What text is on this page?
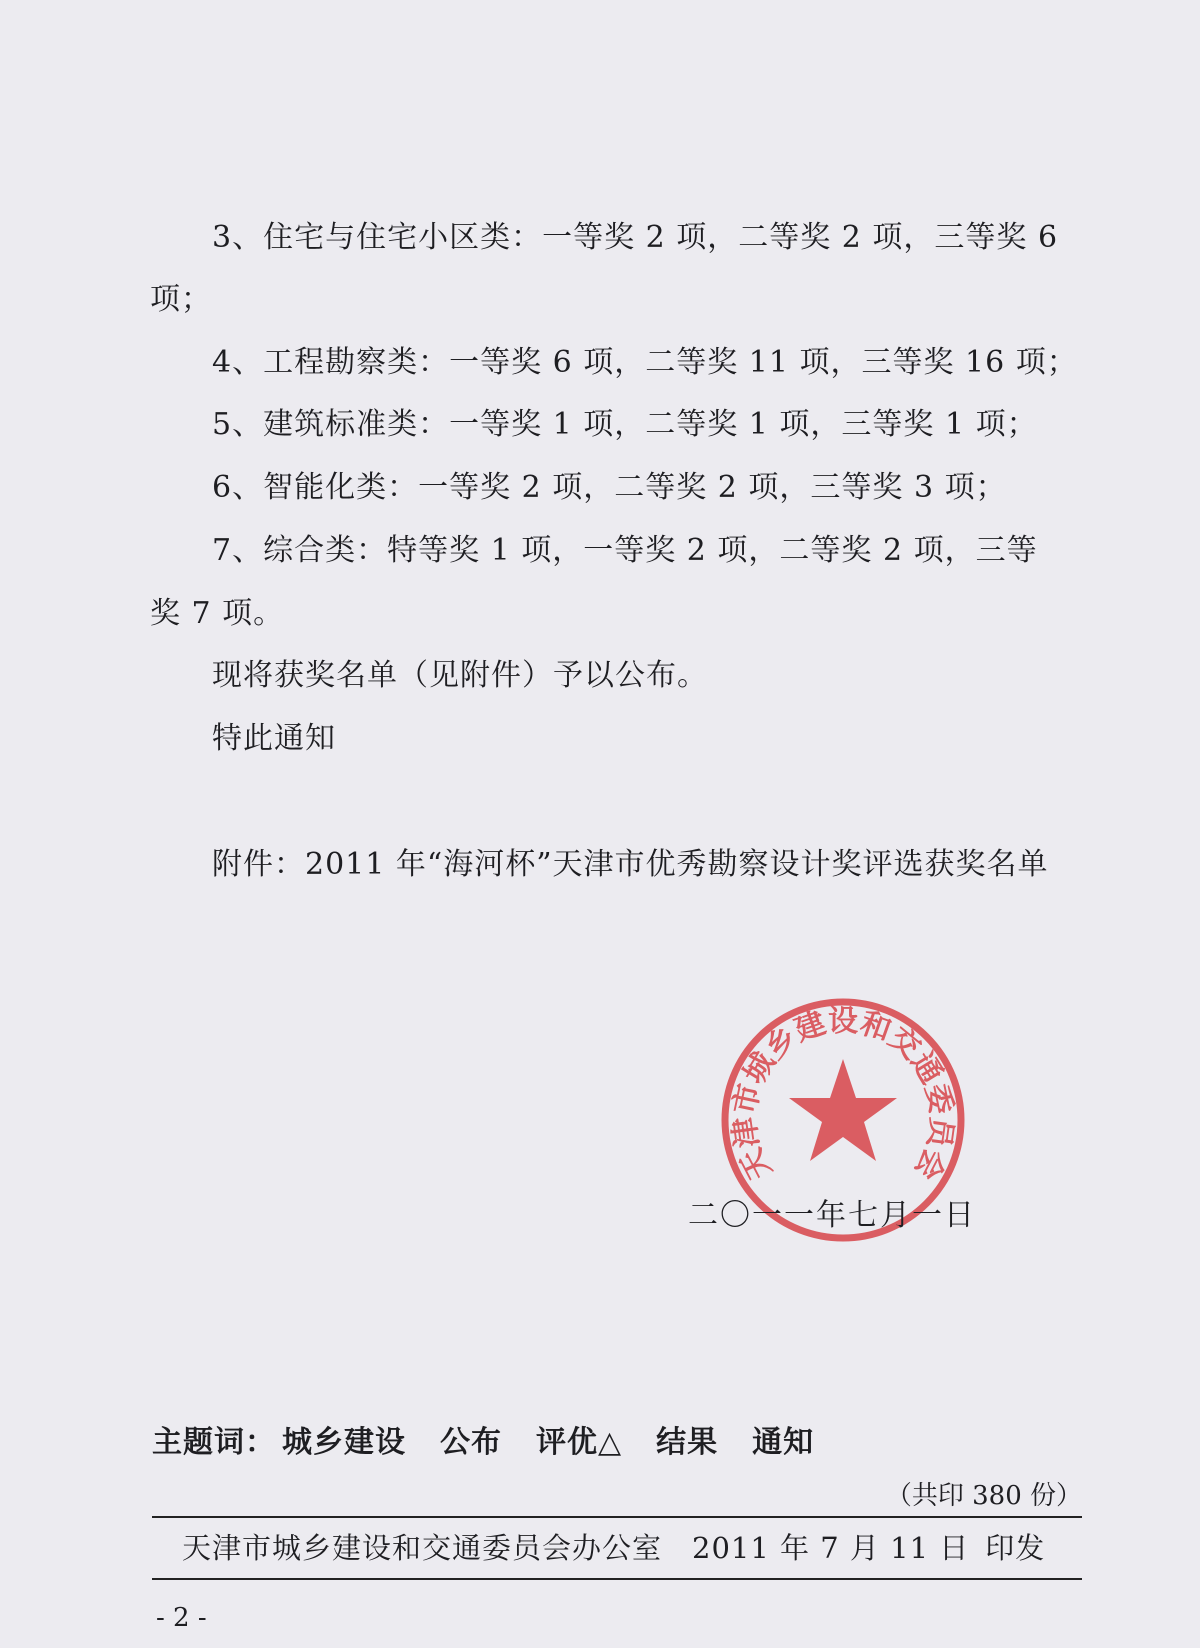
3、住宅与住宅小区类：一等奖 2 项，二等奖 2 项，三等奖 6
项；
4、工程勘察类：一等奖 6 项，二等奖 11 项，三等奖 16 项；
5、建筑标准类：一等奖 1 项，二等奖 1 项，三等奖 1 项；
6、智能化类：一等奖 2 项，二等奖 2 项，三等奖 3 项；
7、综合类：特等奖 1 项，一等奖 2 项，二等奖 2 项，三等
奖 7 项。
现将获奖名单（见附件）予以公布。
特此通知
附件：2011 年“海河杯”天津市优秀勘察设计奖评选获奖名单
天津市城乡建设和交通委员会
二〇一一年七月一日
主题词： 城乡建设 公布 评优△ 结果 通知
（共印 380 份）
天津市城乡建设和交通委员会办公室 2011 年 7 月 11 日 印发
- 2 -
